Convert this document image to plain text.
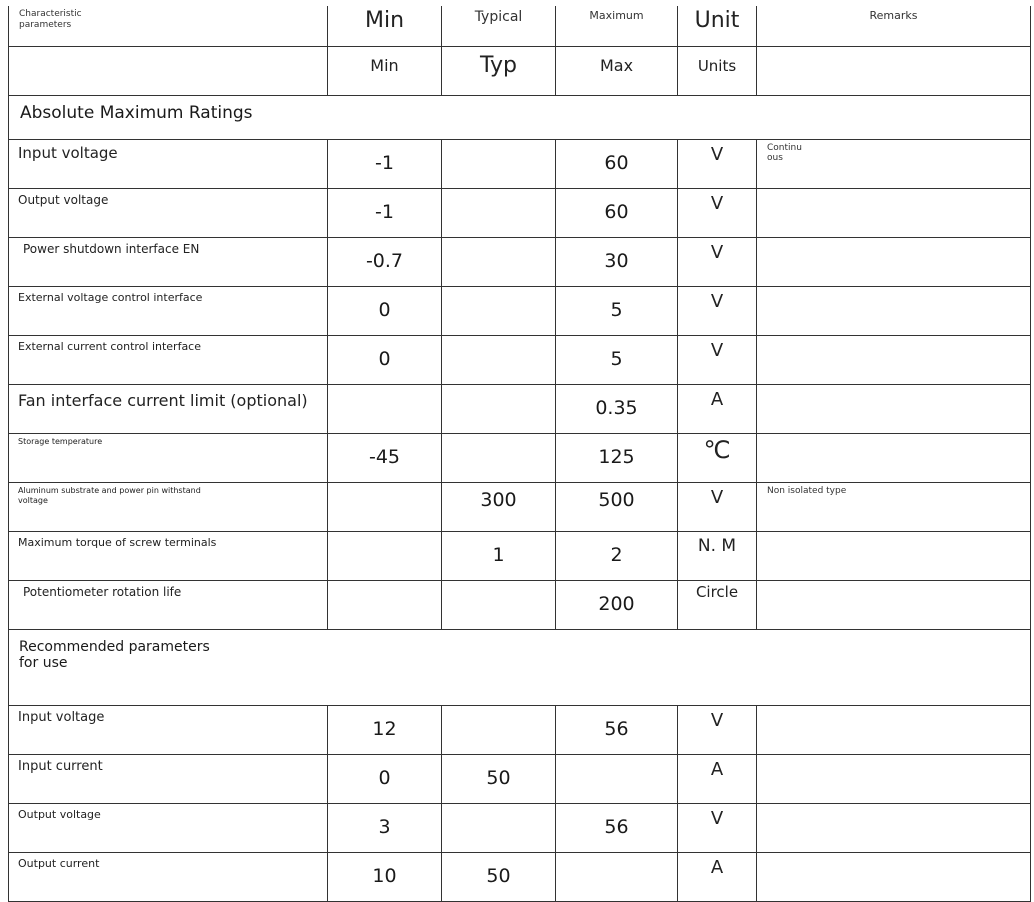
Characteristic
parameters	Min	Typical	Maximum	Unit	Remarks
	Min	Typ	Max	Units	
Absolute Maximum Ratings					
Input voltage	-1		60	V	Continuous

Output voltage	-1		60	V	
Power shutdown interface EN	-0.7		30	V	
External voltage control interface	0		5	V	
External current control interface	0		5	V	
Fan interface current limit (optional)			0.35	A	
Storage temperature	-45		125	℃	

Aluminum substrate and power pin withstand voltage		300	500	V	Non isolated type
Maximum torque of screw terminals		1	2	N. M	
Potentiometer rotation life			200	Circle	

Recommended parameters for use					

Input voltage	12		56	V	
Input current	0	50		A	
Output voltage	3		56	V	
Output current	10	50		A	
